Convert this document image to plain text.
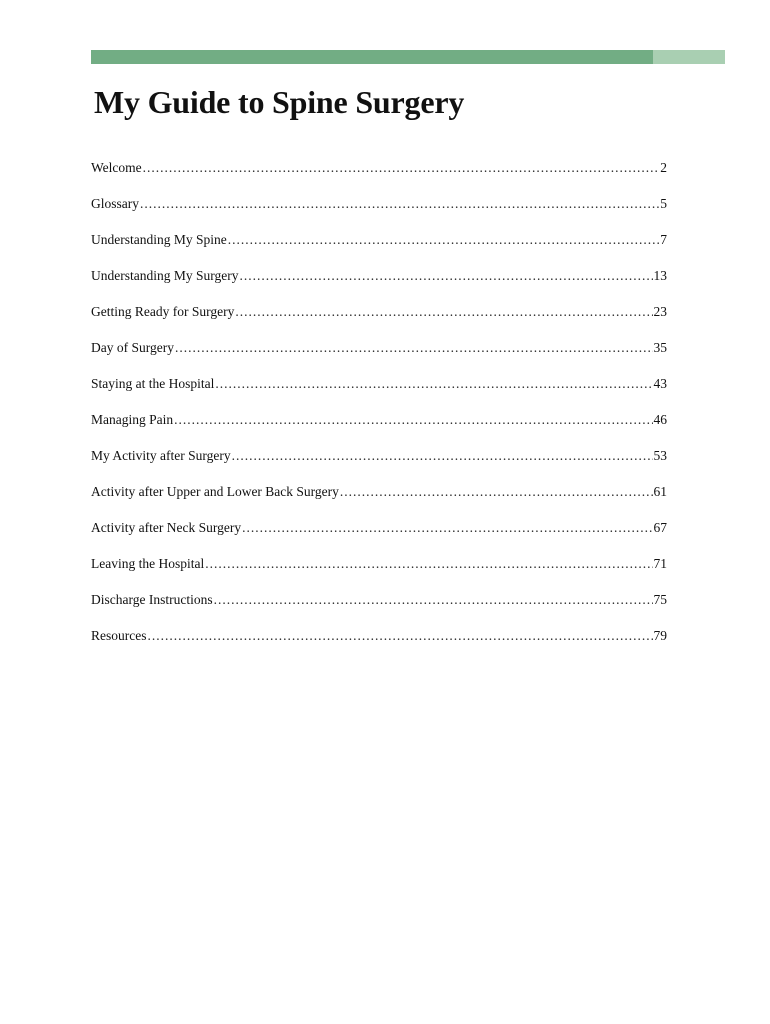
My Guide to Spine Surgery
Welcome .....	2
Glossary .....	5
Understanding My Spine .....	7
Understanding My Surgery .....	13
Getting Ready for Surgery .....	23
Day of Surgery .....	35
Staying at the Hospital .....	43
Managing Pain .....	46
My Activity after Surgery .....	53
Activity after Upper and Lower Back Surgery .....	61
Activity after Neck Surgery .....	67
Leaving the Hospital .....	71
Discharge Instructions .....	75
Resources .....	79
